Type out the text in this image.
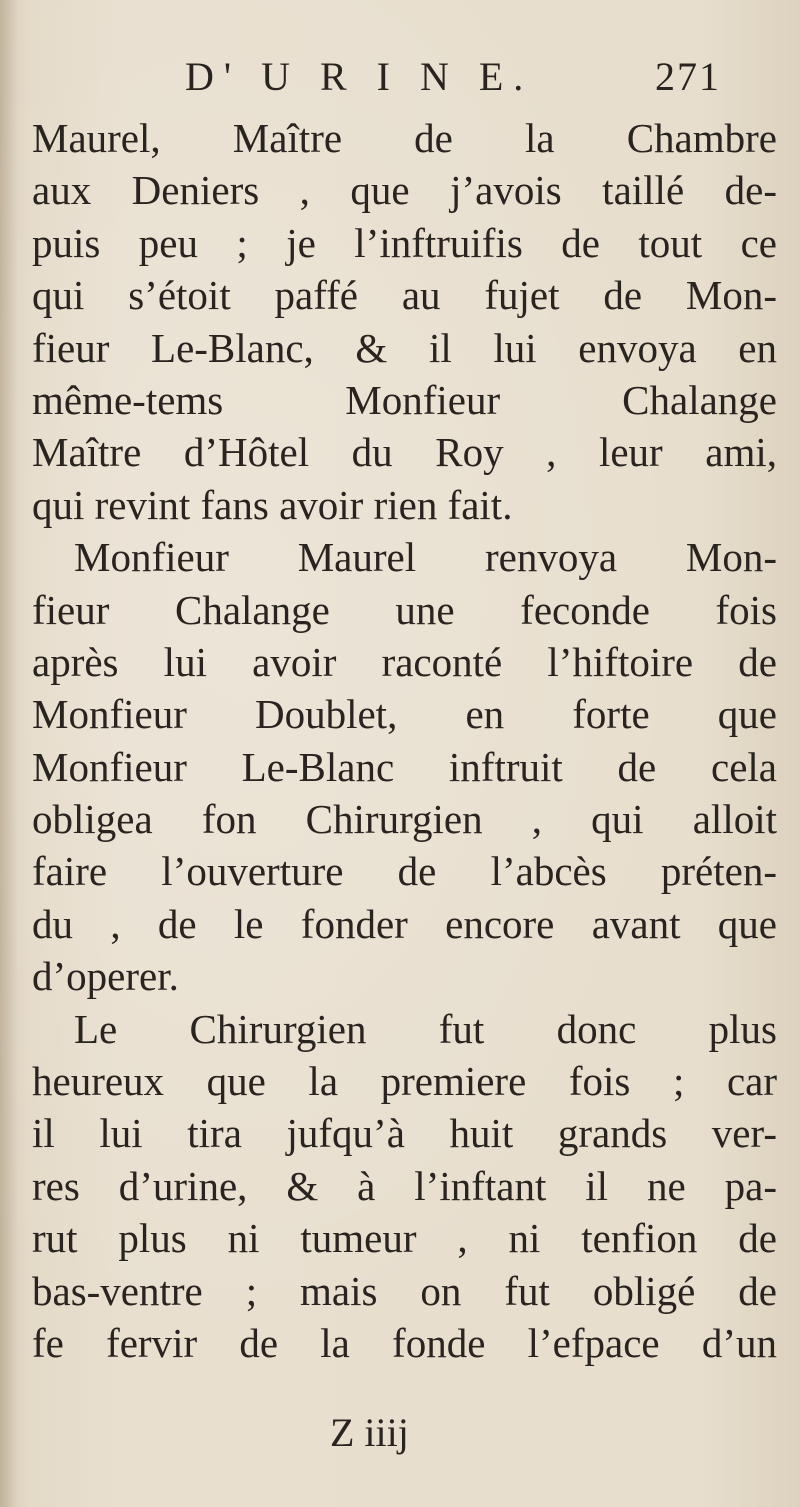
D' U R I N E.	271
Maurel, Maître de la Chambre
aux Deniers , que j’avois taillé de-
puis peu ; je l’inftruifis de tout ce
qui s’étoit paffé au fujet de Mon-
fieur Le-Blanc, & il lui envoya en
même-tems Monfieur Chalange
Maître d’Hôtel du Roy , leur ami,
qui revint fans avoir rien fait.
Monfieur Maurel renvoya Mon-
fieur Chalange une feconde fois
après lui avoir raconté l’hiftoire de
Monfieur Doublet, en forte que
Monfieur Le-Blanc inftruit de cela
obligea fon Chirurgien , qui alloit
faire l’ouverture de l’abcès préten-
du , de le fonder encore avant que
d’operer.
Le Chirurgien fut donc plus
heureux que la premiere fois ; car
il lui tira jufqu’à huit grands ver-
res d’urine, & à l’inftant il ne pa-
rut plus ni tumeur , ni tenfion de
bas-ventre ; mais on fut obligé de
fe fervir de la fonde l’efpace d’un
Z iiij
